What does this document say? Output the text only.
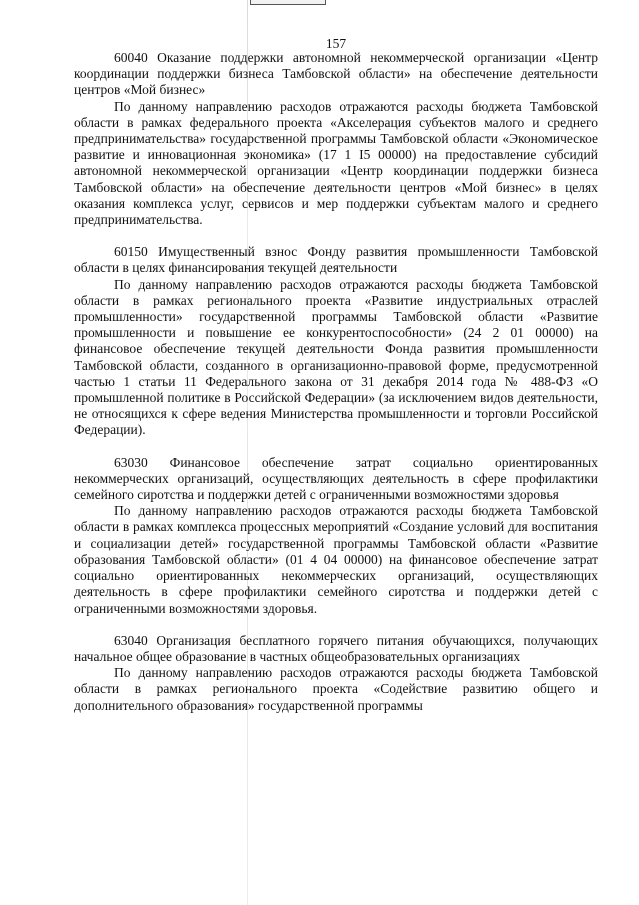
157

60040 Оказание поддержки автономной некоммерческой организации «Центр координации поддержки бизнеса Тамбовской области» на обеспечение деятельности центров «Мой бизнес»

По данному направлению расходов отражаются расходы бюджета Тамбовской области в рамках федерального проекта «Акселерация субъектов малого и среднего предпринимательства» государственной программы Тамбовской области «Экономическое развитие и инновационная экономика» (17 1 I5 00000) на предоставление субсидий автономной некоммерческой организации «Центр координации поддержки бизнеса Тамбовской области» на обеспечение деятельности центров «Мой бизнес» в целях оказания комплекса услуг, сервисов и мер поддержки субъектам малого и среднего предпринимательства.

60150 Имущественный взнос Фонду развития промышленности Тамбовской области в целях финансирования текущей деятельности

По данному направлению расходов отражаются расходы бюджета Тамбовской области в рамках регионального проекта «Развитие индустриальных отраслей промышленности» государственной программы Тамбовской области «Развитие промышленности и повышение ее конкурентоспособности» (24 2 01 00000) на финансовое обеспечение текущей деятельности Фонда развития промышленности Тамбовской области, созданного в организационно-правовой форме, предусмотренной частью 1 статьи 11 Федерального закона от 31 декабря 2014 года № 488-ФЗ «О промышленной политике в Российской Федерации» (за исключением видов деятельности, не относящихся к сфере ведения Министерства промышленности и торговли Российской Федерации).

63030 Финансовое обеспечение затрат социально ориентированных некоммерческих организаций, осуществляющих деятельность в сфере профилактики семейного сиротства и поддержки детей с ограниченными возможностями здоровья

По данному направлению расходов отражаются расходы бюджета Тамбовской области в рамках комплекса процессных мероприятий «Создание условий для воспитания и социализации детей» государственной программы Тамбовской области «Развитие образования Тамбовской области» (01 4 04 00000) на финансовое обеспечение затрат социально ориентированных некоммерческих организаций, осуществляющих деятельность в сфере профилактики семейного сиротства и поддержки детей с ограниченными возможностями здоровья.

63040 Организация бесплатного горячего питания обучающихся, получающих начальное общее образование в частных общеобразовательных организациях

По данному направлению расходов отражаются расходы бюджета Тамбовской области в рамках регионального проекта «Содействие развитию общего и дополнительного образования» государственной программы
